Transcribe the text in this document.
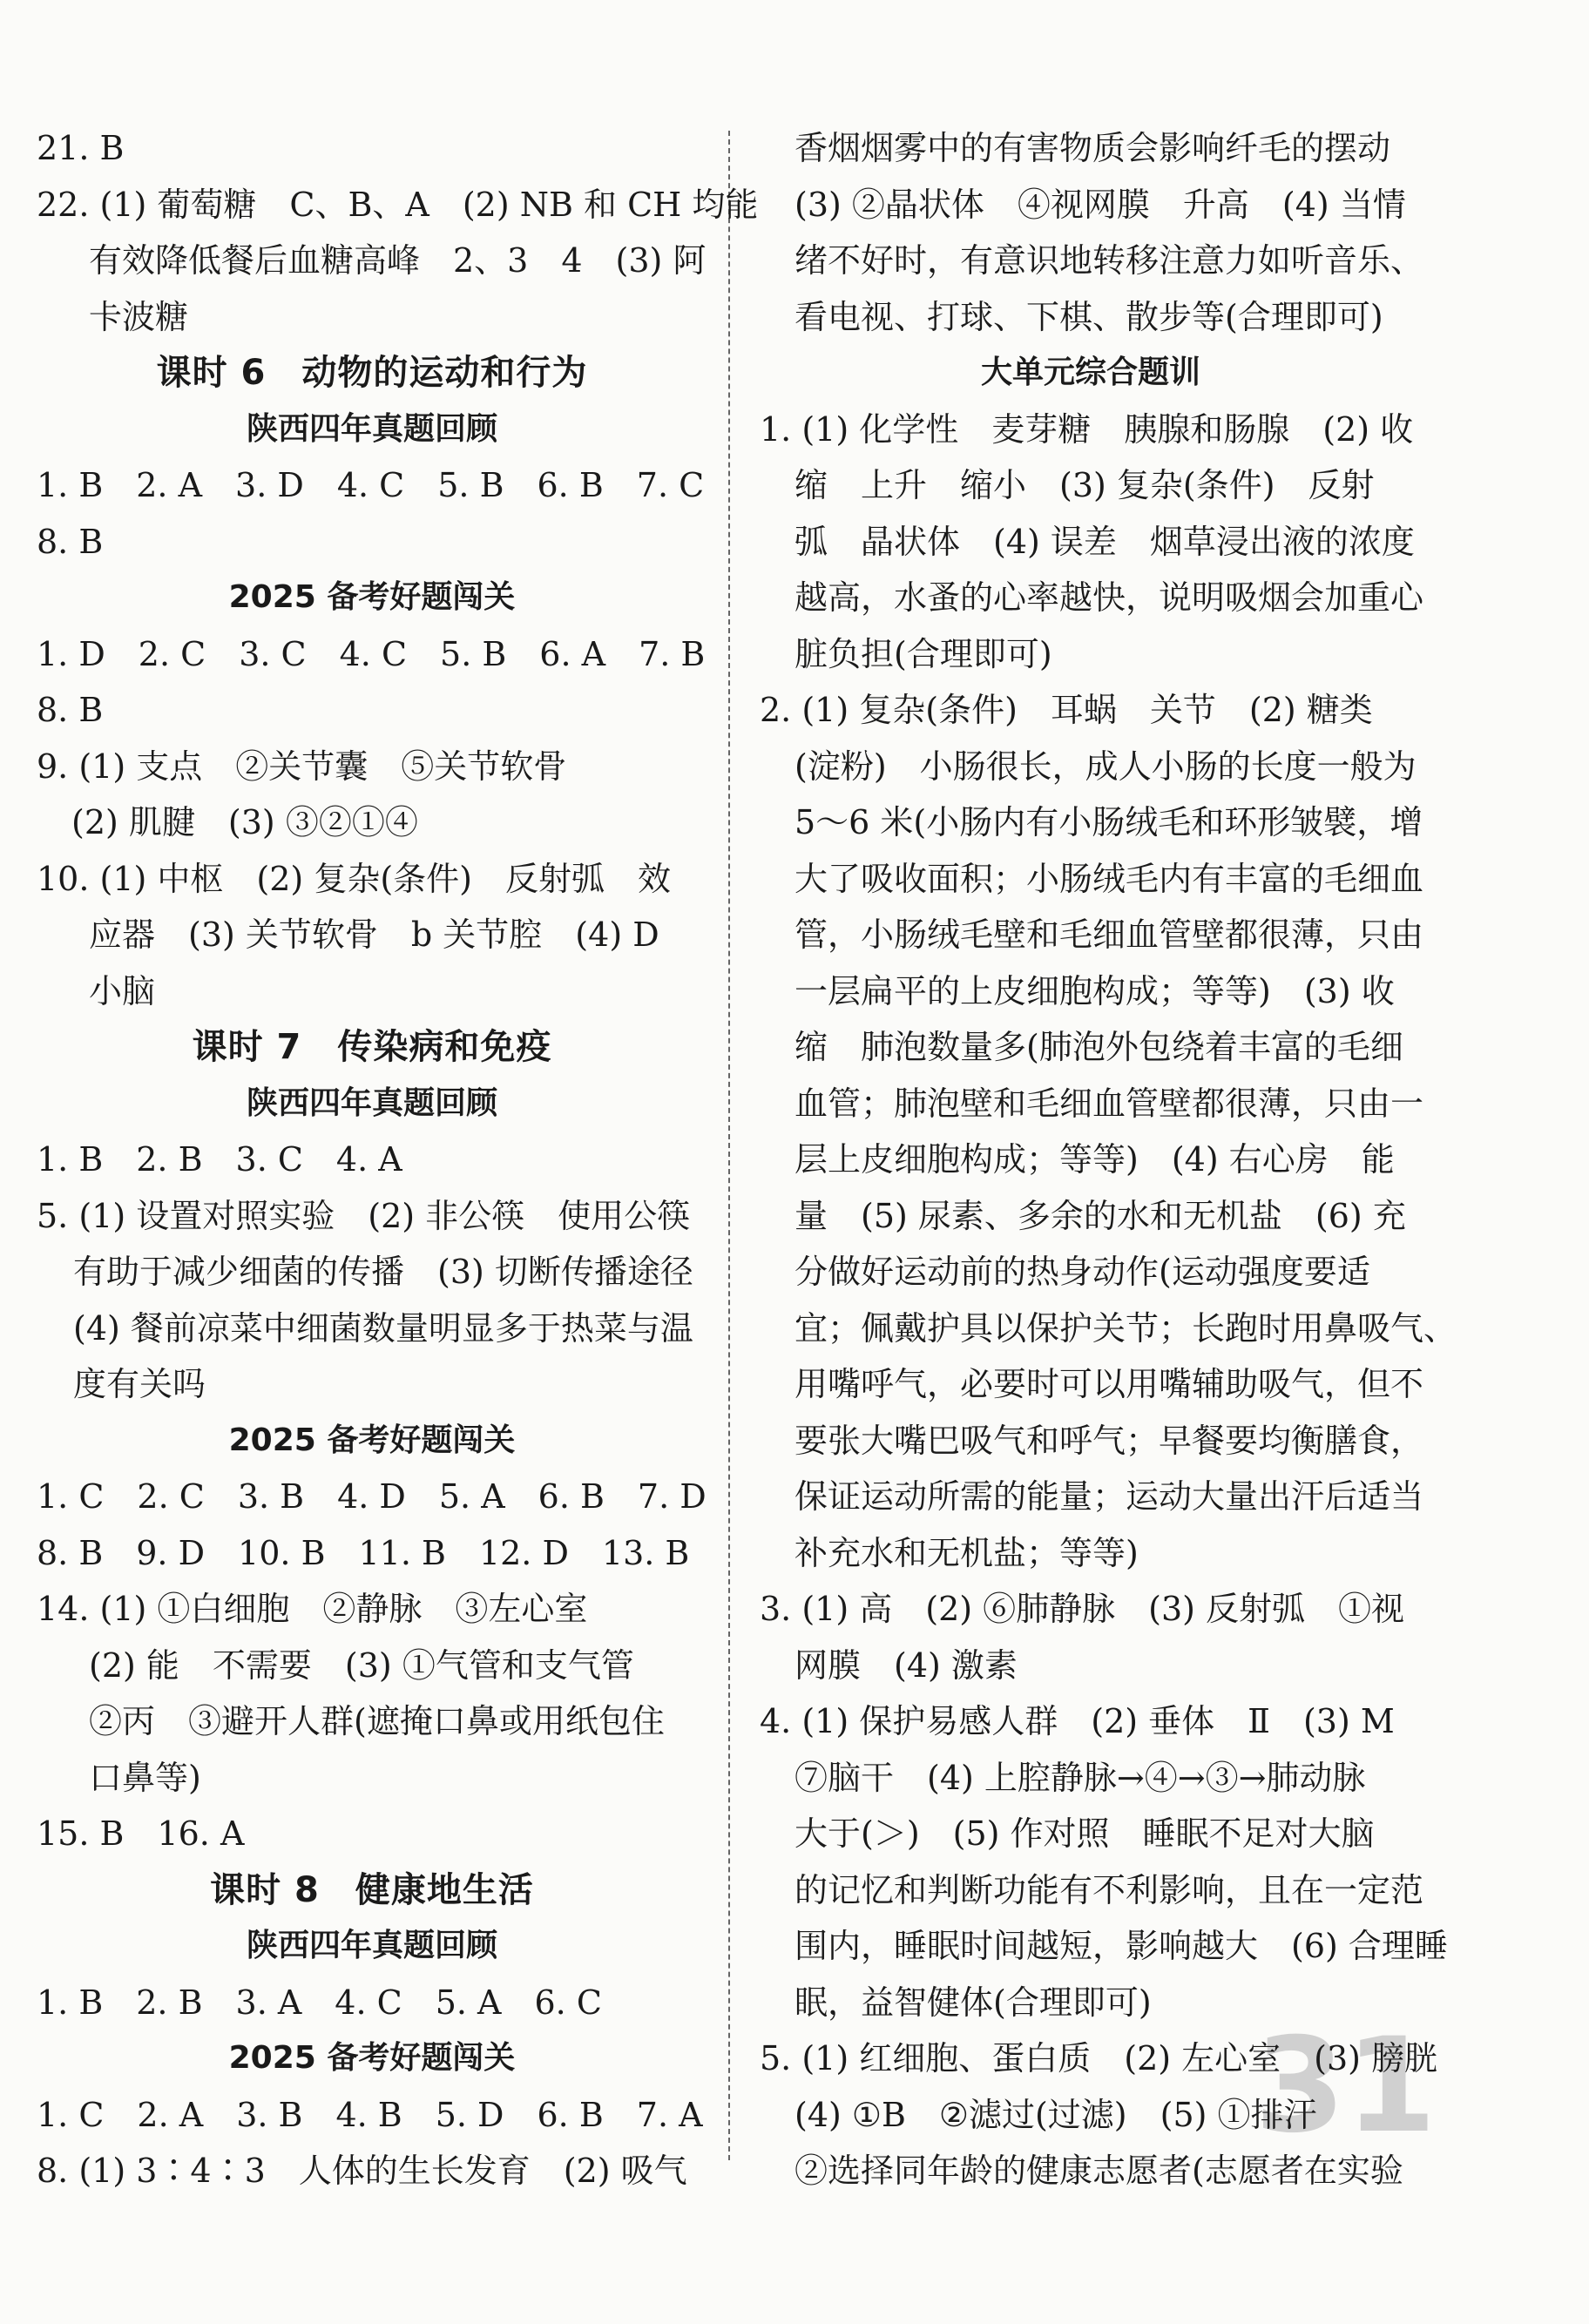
31

21. B

22. (1) 葡萄糖　C、B、A　(2) NB 和 CH 均能

有效降低餐后血糖高峰　2、3　4　(3) 阿

卡波糖

课时 6　动物的运动和行为

陕西四年真题回顾

1. B　2. A　3. D　4. C　5. B　6. B　7. C

8. B

2025 备考好题闯关

1. D　2. C　3. C　4. C　5. B　6. A　7. B

8. B

9. (1) 支点　②关节囊　⑤关节软骨

(2) 肌腱　(3) ③②①④

10. (1) 中枢　(2) 复杂(条件)　反射弧　效

应器　(3) 关节软骨　b 关节腔　(4) D

小脑

课时 7　传染病和免疫

陕西四年真题回顾

1. B　2. B　3. C　4. A

5. (1) 设置对照实验　(2) 非公筷　使用公筷

有助于减少细菌的传播　(3) 切断传播途径

(4) 餐前凉菜中细菌数量明显多于热菜与温

度有关吗

2025 备考好题闯关

1. C　2. C　3. B　4. D　5. A　6. B　7. D

8. B　9. D　10. B　11. B　12. D　13. B

14. (1) ①白细胞　②静脉　③左心室

(2) 能　不需要　(3) ①气管和支气管

②丙　③避开人群(遮掩口鼻或用纸包住

口鼻等)

15. B　16. A

课时 8　健康地生活

陕西四年真题回顾

1. B　2. B　3. A　4. C　5. A　6. C

2025 备考好题闯关

1. C　2. A　3. B　4. B　5. D　6. B　7. A

8. (1) 3∶4∶3　人体的生长发育　(2) 吸气

香烟烟雾中的有害物质会影响纤毛的摆动

(3) ②晶状体　④视网膜　升高　(4) 当情

绪不好时，有意识地转移注意力如听音乐、

看电视、打球、下棋、散步等(合理即可)

大单元综合题训

1. (1) 化学性　麦芽糖　胰腺和肠腺　(2) 收

缩　上升　缩小　(3) 复杂(条件)　反射

弧　晶状体　(4) 误差　烟草浸出液的浓度

越高，水蚤的心率越快，说明吸烟会加重心

脏负担(合理即可)

2. (1) 复杂(条件)　耳蜗　关节　(2) 糖类

(淀粉)　小肠很长，成人小肠的长度一般为

5～6 米(小肠内有小肠绒毛和环形皱襞，增

大了吸收面积；小肠绒毛内有丰富的毛细血

管，小肠绒毛壁和毛细血管壁都很薄，只由

一层扁平的上皮细胞构成；等等)　(3) 收

缩　肺泡数量多(肺泡外包绕着丰富的毛细

血管；肺泡壁和毛细血管壁都很薄，只由一

层上皮细胞构成；等等)　(4) 右心房　能

量　(5) 尿素、多余的水和无机盐　(6) 充

分做好运动前的热身动作(运动强度要适

宜；佩戴护具以保护关节；长跑时用鼻吸气、

用嘴呼气，必要时可以用嘴辅助吸气，但不

要张大嘴巴吸气和呼气；早餐要均衡膳食，

保证运动所需的能量；运动大量出汗后适当

补充水和无机盐；等等)

3. (1) 高　(2) ⑥肺静脉　(3) 反射弧　①视

网膜　(4) 激素

4. (1) 保护易感人群　(2) 垂体　Ⅱ　(3) M

⑦脑干　(4) 上腔静脉→④→③→肺动脉

大于(＞)　(5) 作对照　睡眠不足对大脑

的记忆和判断功能有不利影响，且在一定范

围内，睡眠时间越短，影响越大　(6) 合理睡

眠，益智健体(合理即可)

5. (1) 红细胞、蛋白质　(2) 左心室　(3) 膀胱

(4) ①B　②滤过(过滤)　(5) ①排汗

②选择同年龄的健康志愿者(志愿者在实验
